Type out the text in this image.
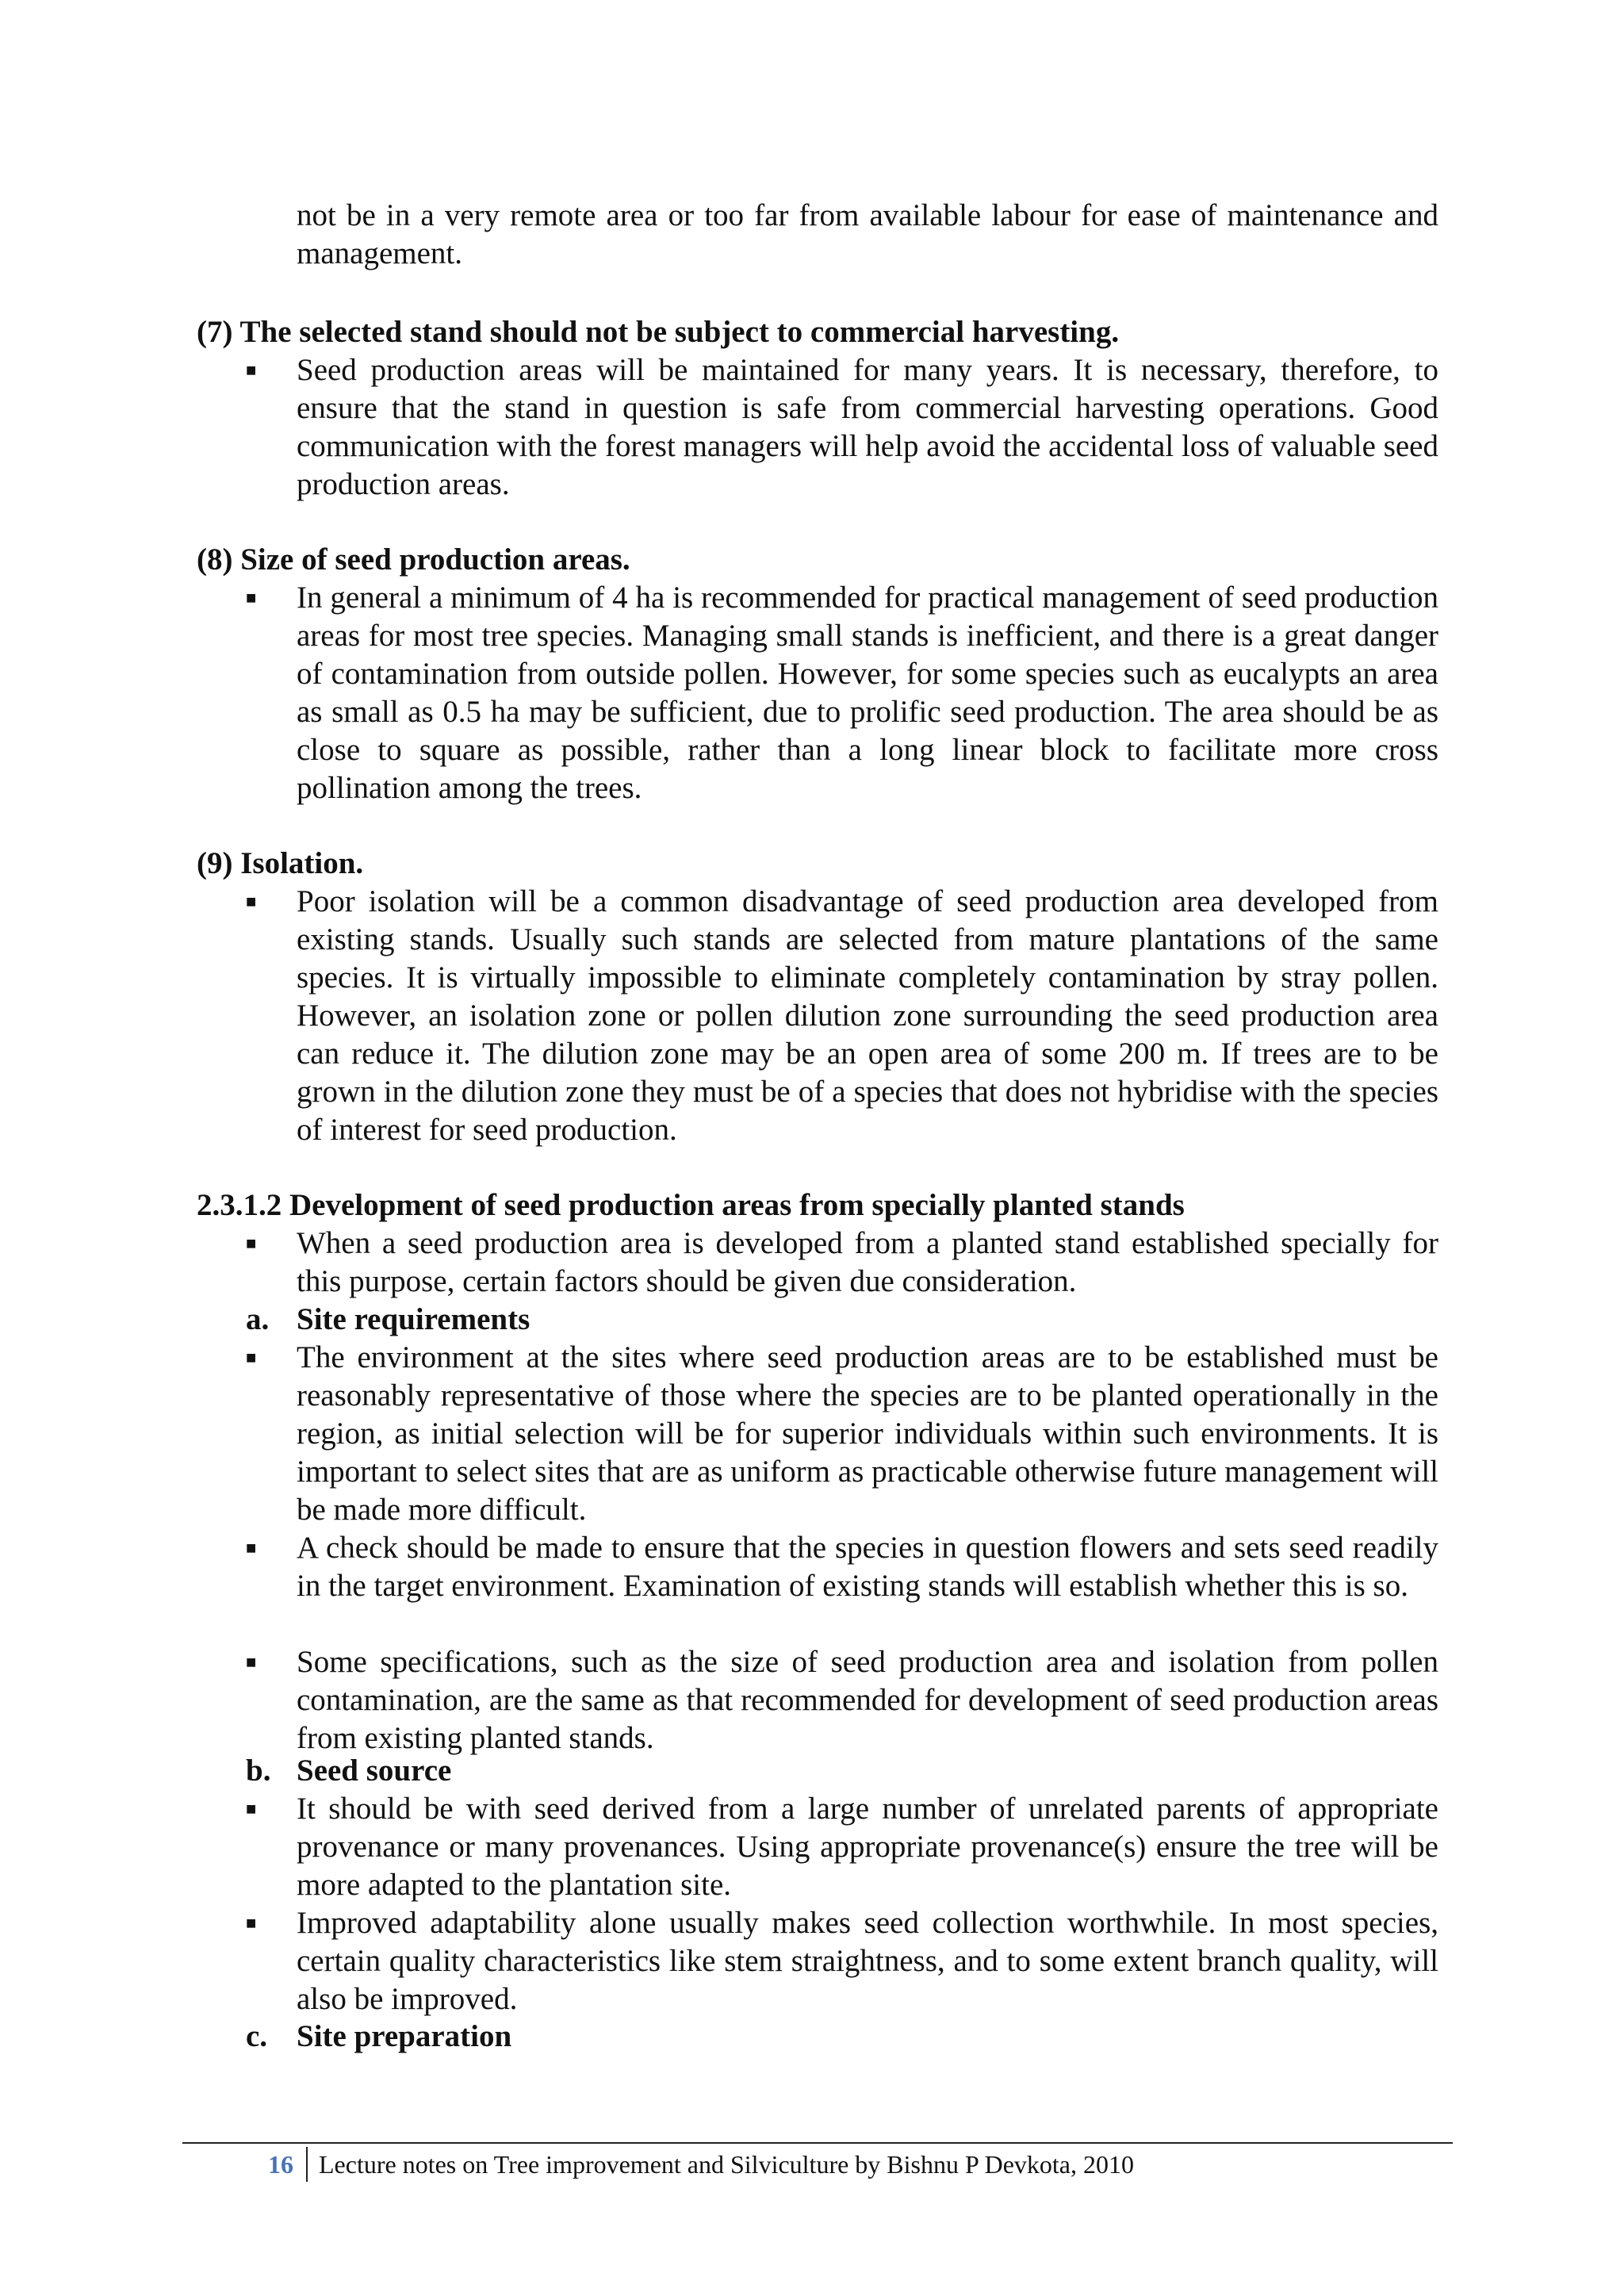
not be in a very remote area or too far from available labour for ease of maintenance and management.

(7) The selected stand should not be subject to commercial harvesting.

■	Seed production areas will be maintained for many years. It is necessary, therefore, to ensure that the stand in question is safe from commercial harvesting operations. Good communication with the forest managers will help avoid the accidental loss of valuable seed production areas.

(8) Size of seed production areas.

■	In general a minimum of 4 ha is recommended for practical management of seed production areas for most tree species. Managing small stands is inefficient, and there is a great danger of contamination from outside pollen. However, for some species such as eucalypts an area as small as 0.5 ha may be sufficient, due to prolific seed production. The area should be as close to square as possible, rather than a long linear block to facilitate more cross pollination among the trees.

(9) Isolation.

■	Poor isolation will be a common disadvantage of seed production area developed from existing stands. Usually such stands are selected from mature plantations of the same species. It is virtually impossible to eliminate completely contamination by stray pollen. However, an isolation zone or pollen dilution zone surrounding the seed production area can reduce it. The dilution zone may be an open area of some 200 m. If trees are to be grown in the dilution zone they must be of a species that does not hybridise with the species of interest for seed production.

2.3.1.2 Development of seed production areas from specially planted stands

■	When a seed production area is developed from a planted stand established specially for this purpose, certain factors should be given due consideration.
a. Site requirements
■	The environment at the sites where seed production areas are to be established must be reasonably representative of those where the species are to be planted operationally in the region, as initial selection will be for superior individuals within such environments. It is important to select sites that are as uniform as practicable otherwise future management will be made more difficult.
■	A check should be made to ensure that the species in question flowers and sets seed readily in the target environment. Examination of existing stands will establish whether this is so.
■	Some specifications, such as the size of seed production area and isolation from pollen contamination, are the same as that recommended for development of seed production areas from existing planted stands.
b. Seed source
■	It should be with seed derived from a large number of unrelated parents of appropriate provenance or many provenances. Using appropriate provenance(s) ensure the tree will be more adapted to the plantation site.
■	Improved adaptability alone usually makes seed collection worthwhile. In most species, certain quality characteristics like stem straightness, and to some extent branch quality, will also be improved.
c. Site preparation
16 Lecture notes on Tree improvement and Silviculture by Bishnu P Devkota, 2010
